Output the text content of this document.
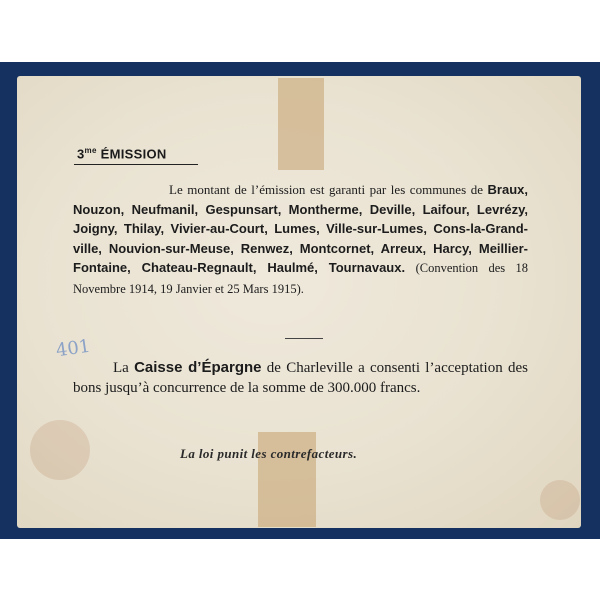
$3^{me}$ ÉMISSION
Le montant de l’émission est garanti par les communes de Braux, Nouzon, Neufmanil, Gespunsart, Montherme, Deville, Laifour, Levrézy, Joigny, Thilay, Vivier-au-Court, Lumes, Ville-sur-Lumes, Cons-la-Grand-ville, Nouvion-sur-Meuse, Renwez, Montcornet, Arreux, Harcy, Meillier-Fontaine, Chateau-Regnault, Haulmé, Tournavaux. (Convention des 18 Novembre 1914, 19 Janvier et 25 Mars 1915).
401
La Caisse d’Épargne de Charleville a consenti l’acceptation des bons jusqu’à concurrence de la somme de 300.000 francs.
La loi punit les contrefacteurs.
